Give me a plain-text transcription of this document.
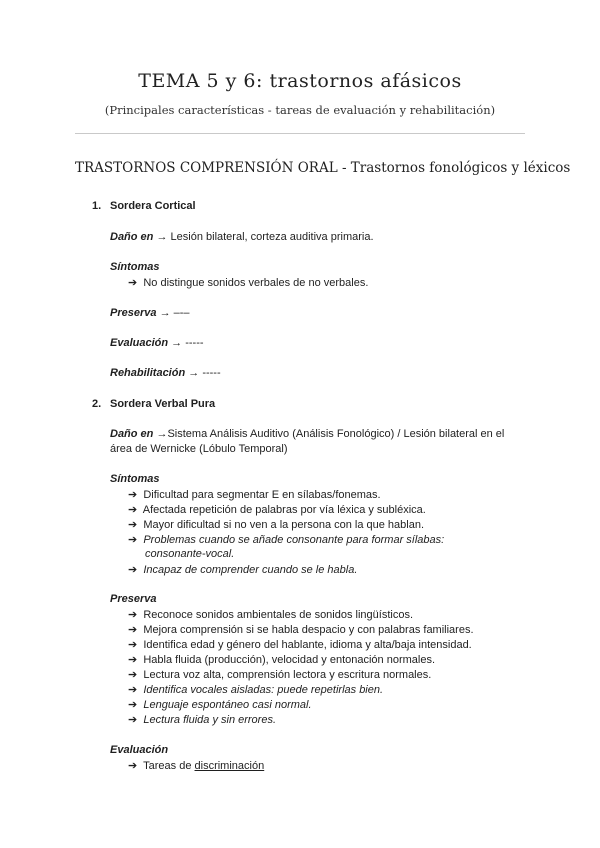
TEMA 5 y 6: trastornos afásicos
(Principales características - tareas de evaluación y rehabilitación)
TRASTORNOS COMPRENSIÓN ORAL - Trastornos fonológicos y léxicos
1. Sordera Cortical
Daño en → Lesión bilateral, corteza auditiva primaria.
Síntomas
➔ No distingue sonidos verbales de no verbales.
Preserva → –-–
Evaluación → -----
Rehabilitación → -----
2. Sordera Verbal Pura
Daño en →Sistema Análisis Auditivo (Análisis Fonológico) / Lesión bilateral en el
área de Wernicke (Lóbulo Temporal)
Síntomas
➔ Dificultad para segmentar E en sílabas/fonemas.
➔ Afectada repetición de palabras por vía léxica y subléxica.
➔ Mayor dificultad si no ven a la persona con la que hablan.
➔ Problemas cuando se añade consonante para formar sílabas:
consonante-vocal.
➔ Incapaz de comprender cuando se le habla.
Preserva
➔ Reconoce sonidos ambientales de sonidos lingüísticos.
➔ Mejora comprensión si se habla despacio y con palabras familiares.
➔ Identifica edad y género del hablante, idioma y alta/baja intensidad.
➔ Habla fluida (producción), velocidad y entonación normales.
➔ Lectura voz alta, comprensión lectora y escritura normales.
➔ Identifica vocales aisladas: puede repetirlas bien.
➔ Lenguaje espontáneo casi normal.
➔ Lectura fluida y sin errores.
Evaluación
➔ Tareas de discriminación
